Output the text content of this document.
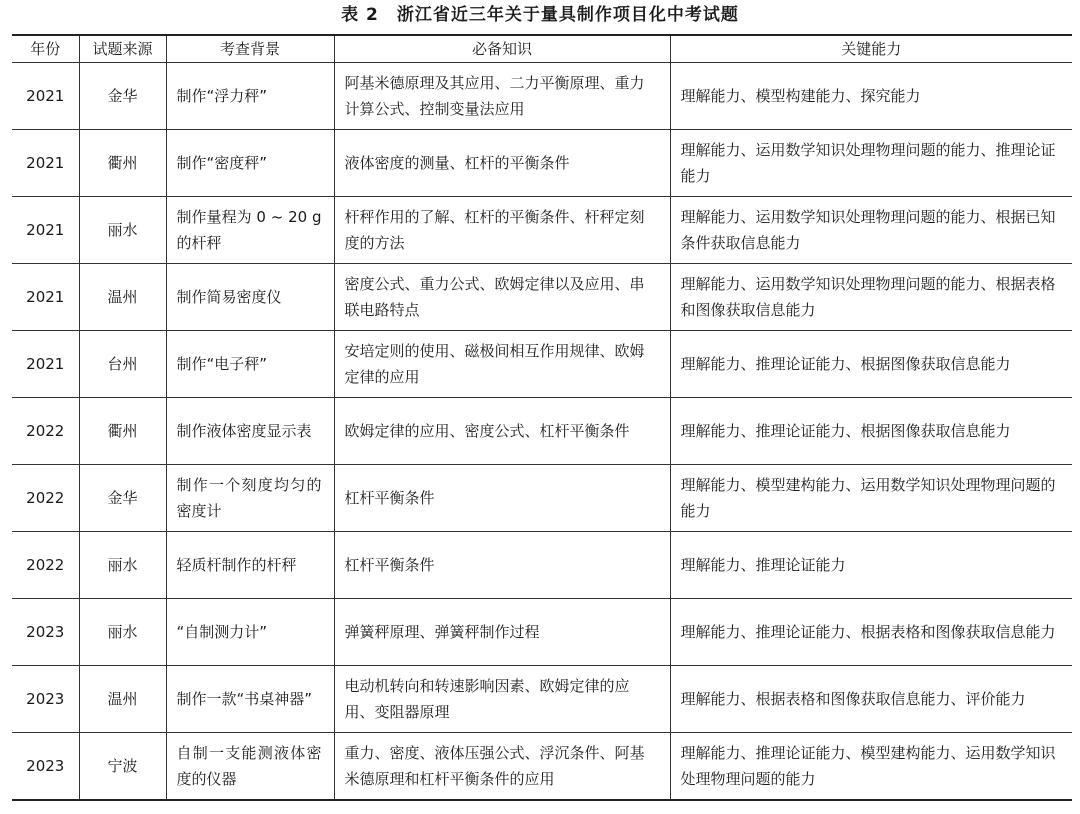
表 2　浙江省近三年关于量具制作项目化中考试题
年份	试题来源	考查背景	必备知识	关键能力
2021	金华	制作“浮力秤”	阿基米德原理及其应用、二力平衡原理、重力计算公式、控制变量法应用	理解能力、模型构建能力、探究能力
2021	衢州	制作“密度秤”	液体密度的测量、杠杆的平衡条件	理解能力、运用数学知识处理物理问题的能力、推理论证能力
2021	丽水	制作量程为 0 ~ 20 g 的杆秤	杆秤作用的了解、杠杆的平衡条件、杆秤定刻度的方法	理解能力、运用数学知识处理物理问题的能力、根据已知条件获取信息能力
2021	温州	制作简易密度仪	密度公式、重力公式、欧姆定律以及应用、串联电路特点	理解能力、运用数学知识处理物理问题的能力、根据表格和图像获取信息能力
2021	台州	制作“电子秤”	安培定则的使用、磁极间相互作用规律、欧姆定律的应用	理解能力、推理论证能力、根据图像获取信息能力
2022	衢州	制作液体密度显示表	欧姆定律的应用、密度公式、杠杆平衡条件	理解能力、推理论证能力、根据图像获取信息能力
2022	金华	制作一个刻度均匀的密度计	杠杆平衡条件	理解能力、模型建构能力、运用数学知识处理物理问题的能力
2022	丽水	轻质杆制作的杆秤	杠杆平衡条件	理解能力、推理论证能力
2023	丽水	“自制测力计”	弹簧秤原理、弹簧秤制作过程	理解能力、推理论证能力、根据表格和图像获取信息能力
2023	温州	制作一款“书桌神器”	电动机转向和转速影响因素、欧姆定律的应用、变阻器原理	理解能力、根据表格和图像获取信息能力、评价能力
2023	宁波	自制一支能测液体密度的仪器	重力、密度、液体压强公式、浮沉条件、阿基米德原理和杠杆平衡条件的应用	理解能力、推理论证能力、模型建构能力、运用数学知识处理物理问题的能力
